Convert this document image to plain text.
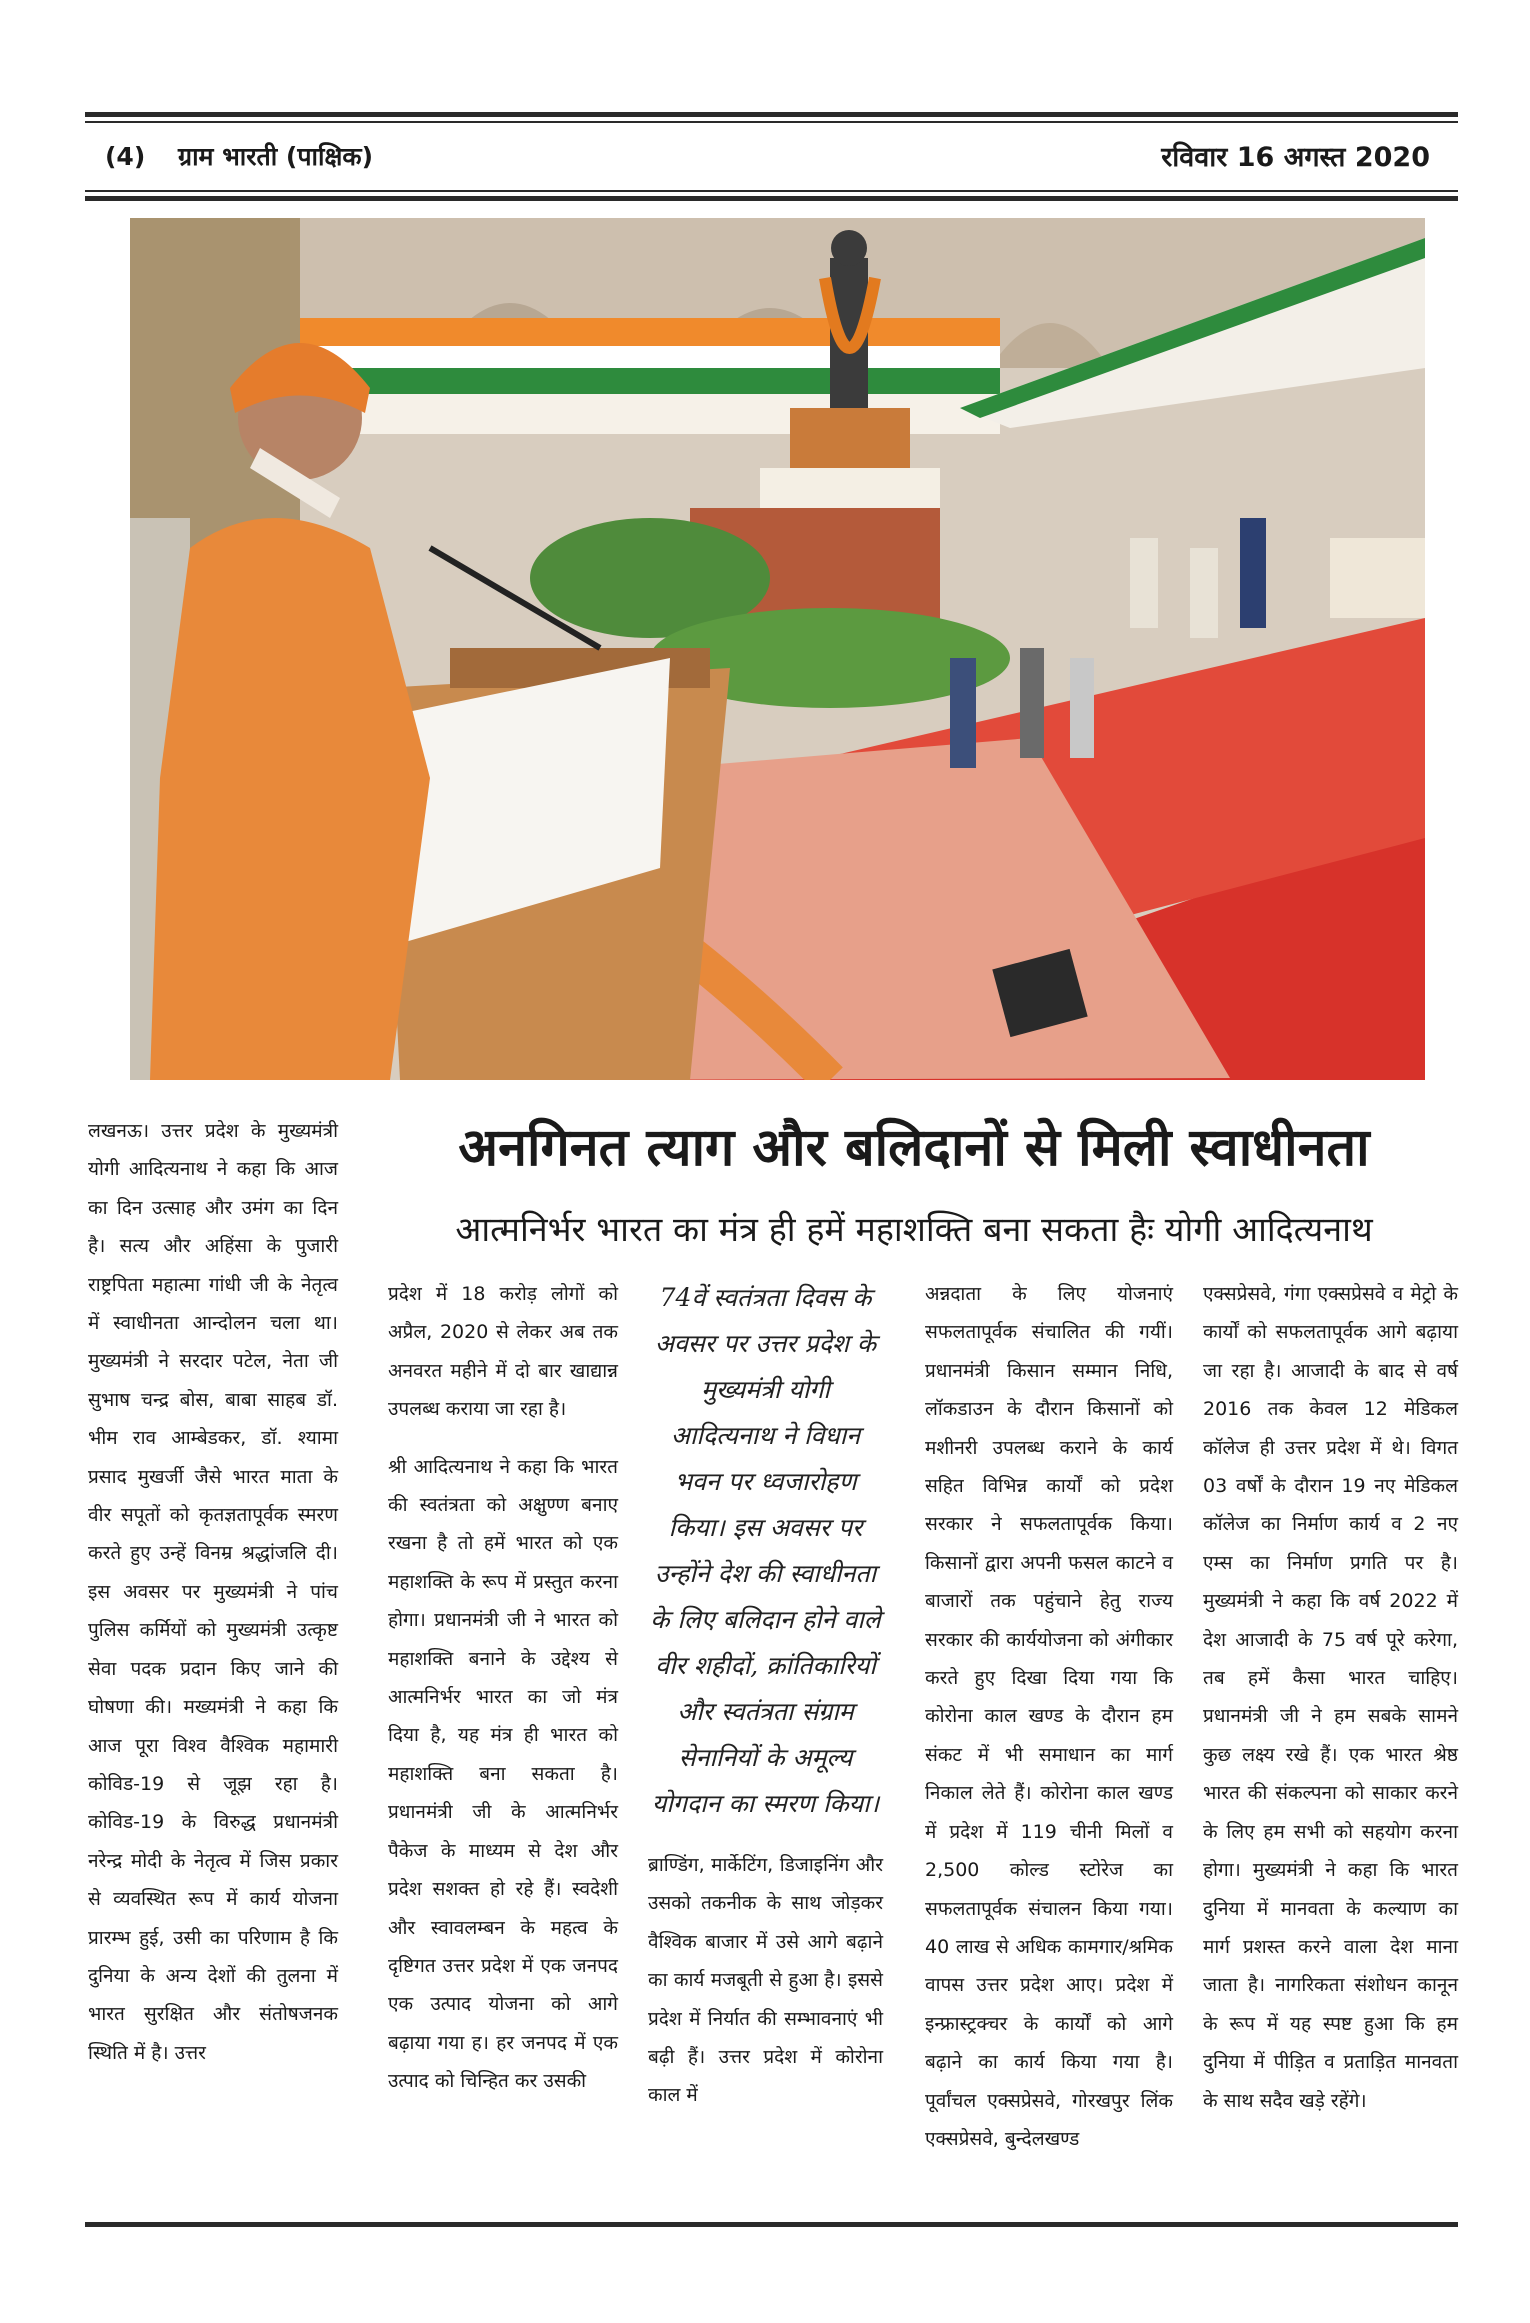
(4) ग्राम भारती (पाक्षिक)	रविवार 16 अगस्त 2020
अनगिनत त्याग और बलिदानों से मिली स्वाधीनता
आत्मनिर्भर भारत का मंत्र ही हमें महाशक्ति बना सकता हैः योगी आदित्यनाथ

लखनऊ। उत्तर प्रदेश के मुख्यमंत्री योगी आदित्यनाथ ने कहा कि आज का दिन उत्साह और उमंग का दिन है। सत्य और अहिंसा के पुजारी राष्ट्रपिता महात्मा गांधी जी के नेतृत्व में स्वाधीनता आन्दोलन चला था। मुख्यमंत्री ने सरदार पटेल, नेता जी सुभाष चन्द्र बोस, बाबा साहब डॉ. भीम राव आम्बेडकर, डॉ. श्यामा प्रसाद मुखर्जी जैसे भारत माता के वीर सपूतों को कृतज्ञतापूर्वक स्मरण करते हुए उन्हें विनम्र श्रद्धांजलि दी। इस अवसर पर मुख्यमंत्री ने पांच पुलिस कर्मियों को मुख्यमंत्री उत्कृष्ट सेवा पदक प्रदान किए जाने की घोषणा की। मख्यमंत्री ने कहा कि आज पूरा विश्व वैश्विक महामारी कोविड-19 से जूझ रहा है। कोविड-19 के विरुद्ध प्रधानमंत्री नरेन्द्र मोदी के नेतृत्व में जिस प्रकार से व्यवस्थित रूप में कार्य योजना प्रारम्भ हुई, उसी का परिणाम है कि दुनिया के अन्य देशों की तुलना में भारत सुरक्षित और संतोषजनक स्थिति में है। उत्तर

प्रदेश में 18 करोड़ लोगों को अप्रैल, 2020 से लेकर अब तक अनवरत महीने में दो बार खाद्यान्न उपलब्ध कराया जा रहा है।

श्री आदित्यनाथ ने कहा कि भारत की स्वतंत्रता को अक्षुण्ण बनाए रखना है तो हमें भारत को एक महाशक्ति के रूप में प्रस्तुत करना होगा। प्रधानमंत्री जी ने भारत को महाशक्ति बनाने के उद्देश्य से आत्मनिर्भर भारत का जो मंत्र दिया है, यह मंत्र ही भारत को महाशक्ति बना सकता है। प्रधानमंत्री जी के आत्मनिर्भर पैकेज के माध्यम से देश और प्रदेश सशक्त हो रहे हैं। स्वदेशी और स्वावलम्बन के महत्व के दृष्टिगत उत्तर प्रदेश में एक जनपद एक उत्पाद योजना को आगे बढ़ाया गया ह। हर जनपद में एक उत्पाद को चिन्हित कर उसकी

74वें स्वतंत्रता दिवस के अवसर पर उत्तर प्रदेश के मुख्यमंत्री योगी आदित्यनाथ ने विधान भवन पर ध्वजारोहण किया। इस अवसर पर उन्होंने देश की स्वाधीनता के लिए बलिदान होने वाले वीर शहीदों, क्रांतिकारियों और स्वतंत्रता संग्राम सेनानियों के अमूल्य योगदान का स्मरण किया।

ब्राण्डिंग, मार्केटिंग, डिजाइनिंग और उसको तकनीक के साथ जोड़कर वैश्विक बाजार में उसे आगे बढ़ाने का कार्य मजबूती से हुआ है। इससे प्रदेश में निर्यात की सम्भावनाएं भी बढ़ी हैं। उत्तर प्रदेश में कोरोना काल में

अन्नदाता के लिए योजनाएं सफलतापूर्वक संचालित की गयीं। प्रधानमंत्री किसान सम्मान निधि, लॉकडाउन के दौरान किसानों को मशीनरी उपलब्ध कराने के कार्य सहित विभिन्न कार्यों को प्रदेश सरकार ने सफलतापूर्वक किया। किसानों द्वारा अपनी फसल काटने व बाजारों तक पहुंचाने हेतु राज्य सरकार की कार्ययोजना को अंगीकार करते हुए दिखा दिया गया कि कोरोना काल खण्ड के दौरान हम संकट में भी समाधान का मार्ग निकाल लेते हैं। कोरोना काल खण्ड में प्रदेश में 119 चीनी मिलों व 2,500 कोल्ड स्टोरेज का सफलतापूर्वक संचालन किया गया। 40 लाख से अधिक कामगार/श्रमिक वापस उत्तर प्रदेश आए। प्रदेश में इन्फ्रास्ट्रक्चर के कार्यों को आगे बढ़ाने का कार्य किया गया है। पूर्वांचल एक्सप्रेसवे, गोरखपुर लिंक एक्सप्रेसवे, बुन्देलखण्ड

एक्सप्रेसवे, गंगा एक्सप्रेसवे व मेट्रो के कार्यों को सफलतापूर्वक आगे बढ़ाया जा रहा है। आजादी के बाद से वर्ष 2016 तक केवल 12 मेडिकल कॉलेज ही उत्तर प्रदेश में थे। विगत 03 वर्षों के दौरान 19 नए मेडिकल कॉलेज का निर्माण कार्य व 2 नए एम्स का निर्माण प्रगति पर है। मुख्यमंत्री ने कहा कि वर्ष 2022 में देश आजादी के 75 वर्ष पूरे करेगा, तब हमें कैसा भारत चाहिए। प्रधानमंत्री जी ने हम सबके सामने कुछ लक्ष्य रखे हैं। एक भारत श्रेष्ठ भारत की संकल्पना को साकार करने के लिए हम सभी को सहयोग करना होगा। मुख्यमंत्री ने कहा कि भारत दुनिया में मानवता के कल्याण का मार्ग प्रशस्त करने वाला देश माना जाता है। नागरिकता संशोधन कानून के रूप में यह स्पष्ट हुआ कि हम दुनिया में पीड़ित व प्रताड़ित मानवता के साथ सदैव खड़े रहेंगे।
